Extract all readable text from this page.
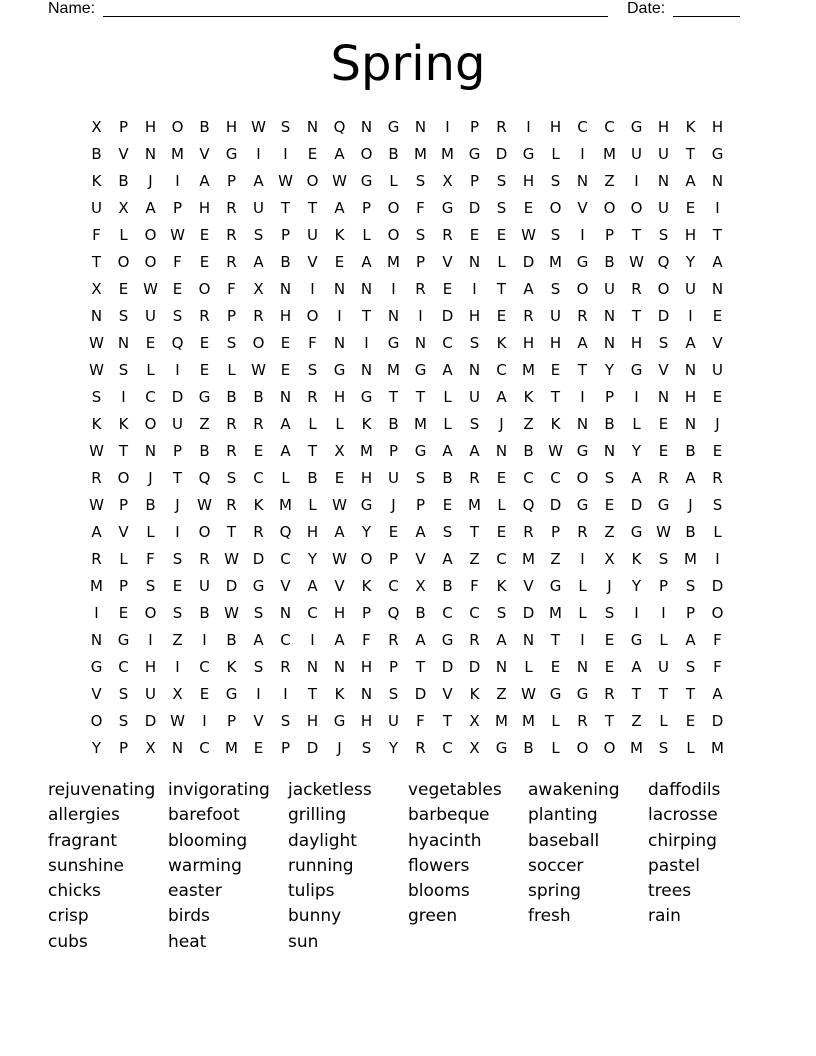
Name:	Date:
Spring
X	P	H	O	B	H W S	N	Q	N	G	N	I	P	R	I	H	C	C	G	H	K	H
B	V	N M	V	G	I	I	E	A	O	B	M M G	D	G	L	I	M	U	U	T	G
K	B	J	I	A	P	A W O W G	L	S	X	P	S	H	S	N	Z	I	N	A	N
U	X	A	P	H	R	U	T	T	A	P	O	F	G	D	S	E	O	V	O	O	U	E	I
F	L	O W E	R	S	P	U	K	L	O	S	R	E	E W S	I	P	T	S	H	T
T	O	O	F	E	R	A	B	V	E	A	M	P	V	N	L	D M G	B W Q	Y	A
X	E W E	O	F	X	N	I	N	N	I	R	E	I	T	A	S	O	U	R	O	U	N
N	S	U	S	R	P	R	H	O	I	T	N	I	D	H	E	R	U	R	N	T	D	I	E
W N	E	Q	E	S	O	E	F	N	I	G	N	C	S	K	H	H	A	N	H	S	A	V
W S	L	I	E	L	W E	S	G	N M G	A	N	C	M	E	T	Y	G	V	N	U
S	I	C	D	G	B	B	N	R	H	G	T	T	L	U	A	K	T	I	P	I	N	H	E
K	K	O	U	Z	R	R	A	L	L	K	B	M	L	S	J	Z	K	N	B	L	E	N	J
W T	N	P	B	R	E	A	T	X	M	P	G	A	A	N	B W G	N	Y	E	B	E
R	O	J	T	Q	S	C	L	B	E	H	U	S	B	R	E	C	C	O	S	A	R	A	R
W	P	B	J	W R	K	M	L	W G	J	P	E	M	L	Q	D	G	E	D	G	J	S
A	V	L	I	O	T	R	Q	H	A	Y	E	A	S	T	E	R	P	R	Z	G W B	L
R	L	F	S	R W D	C	Y	W O	P	V	A	Z	C	M	Z	I	X	K	S	M	I
M	P	S	E	U	D	G	V	A	V	K	C	X	B	F	K	V	G	L	J	Y	P	S	D
I	E	O	S	B W S	N	C	H	P	Q	B	C	C	S	D M	L	S	I	I	P	O
N	G	I	Z	I	B	A	C	I	A	F	R	A	G	R	A	N	T	I	E	G	L	A	F
G	C	H	I	C	K	S	R	N	N	H	P	T	D	D	N	L	E	N	E	A	U	S	F
V	S	U	X	E	G	I	I	T	K	N	S	D	V	K	Z W G	G	R	T	T	T	A
O	S	D W	I	P	V	S	H	G	H	U	F	T	X	M M	L	R	T	Z	L	E	D
Y	P	X	N	C	M	E	P	D	J	S	Y	R	C	X	G	B	L	O	O M	S	L	M
rejuvenating invigorating	jacketless	vegetables	awakening	daffodils
allergies	barefoot	grilling	barbeque	planting	lacrosse
fragrant	blooming	daylight	hyacinth	baseball	chirping
sunshine	warming	running	flowers	soccer	pastel
chicks	easter	tulips	blooms	spring	trees
crisp	birds	bunny	green	fresh	rain
cubs	heat	sun
